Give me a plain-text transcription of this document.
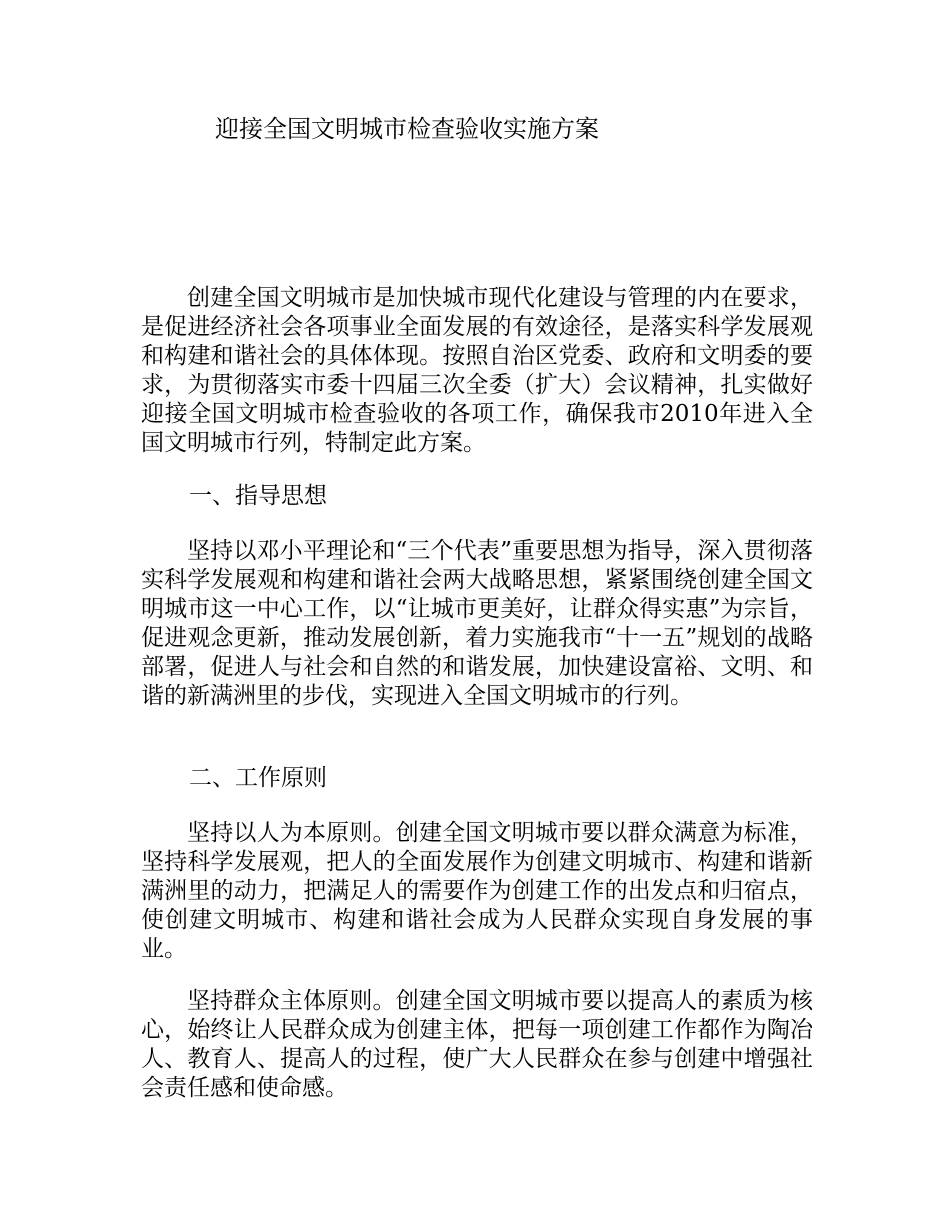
迎接全国文明城市检查验收实施方案

创建全国文明城市是加快城市现代化建设与管理的内在要求，是促进经济社会各项事业全面发展的有效途径，是落实科学发展观和构建和谐社会的具体体现。按照自治区党委、政府和文明委的要求，为贯彻落实市委十四届三次全委（扩大）会议精神，扎实做好迎接全国文明城市检查验收的各项工作，确保我市2010年进入全国文明城市行列，特制定此方案。

一、指导思想

坚持以邓小平理论和“三个代表”重要思想为指导，深入贯彻落实科学发展观和构建和谐社会两大战略思想，紧紧围绕创建全国文明城市这一中心工作，以“让城市更美好，让群众得实惠”为宗旨，促进观念更新，推动发展创新，着力实施我市“十一五”规划的战略部署，促进人与社会和自然的和谐发展，加快建设富裕、文明、和谐的新满洲里的步伐，实现进入全国文明城市的行列。

二、工作原则

坚持以人为本原则。创建全国文明城市要以群众满意为标准，坚持科学发展观，把人的全面发展作为创建文明城市、构建和谐新满洲里的动力，把满足人的需要作为创建工作的出发点和归宿点，使创建文明城市、构建和谐社会成为人民群众实现自身发展的事业。

坚持群众主体原则。创建全国文明城市要以提高人的素质为核心，始终让人民群众成为创建主体，把每一项创建工作都作为陶冶人、教育人、提高人的过程，使广大人民群众在参与创建中增强社会责任感和使命感。
